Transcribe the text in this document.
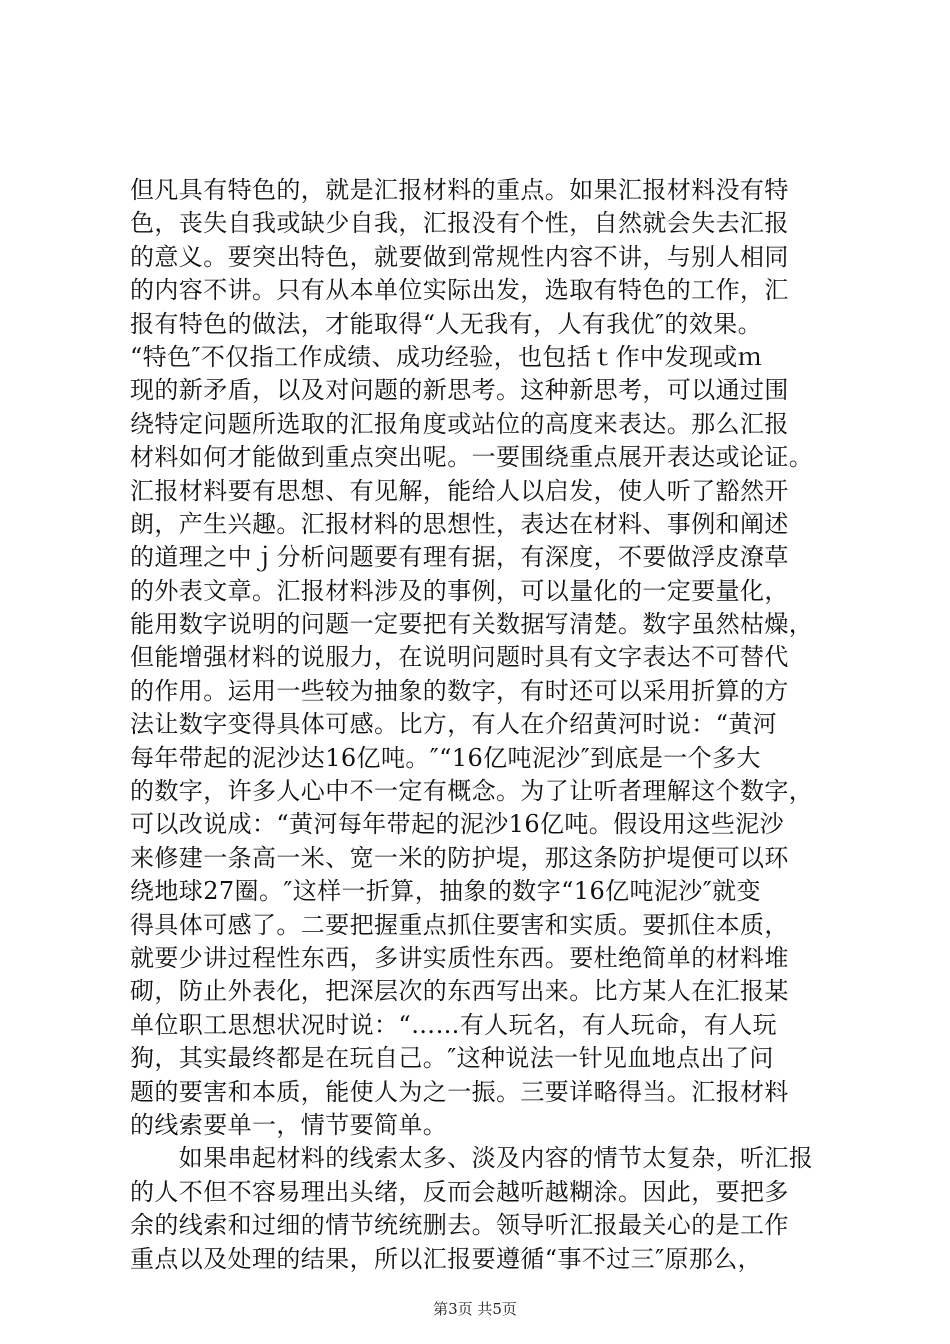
但凡具有特色的，就是汇报材料的重点。如果汇报材料没有特
色，丧失自我或缺少自我，汇报没有个性，自然就会失去汇报
的意义。要突出特色，就要做到常规性内容不讲，与别人相同
的内容不讲。只有从本单位实际出发，选取有特色的工作，汇
报有特色的做法，才能取得“人无我有，人有我优″的效果。
“特色″不仅指工作成绩、成功经验，也包括ｔ作中发现或ｍ
现的新矛盾，以及对问题的新思考。这种新思考，可以通过围
绕特定问题所选取的汇报角度或站位的高度来表达。那么汇报
材料如何才能做到重点突出呢。一要围绕重点展开表达或论证。
汇报材料要有思想、有见解，能给人以启发，使人听了豁然开
朗，产生兴趣。汇报材料的思想性，表达在材料、事例和阐述
的道理之中ｊ分析问题要有理有据，有深度，不要做浮皮潦草
的外表文章。汇报材料涉及的事例，可以量化的一定要量化，
能用数字说明的问题一定要把有关数据写清楚。数字虽然枯燥，
但能增强材料的说服力，在说明问题时具有文字表达不可替代
的作用。运用一些较为抽象的数字，有时还可以采用折算的方
法让数字变得具体可感。比方，有人在介绍黄河时说：“黄河
每年带起的泥沙达16亿吨。″“16亿吨泥沙″到底是一个多大
的数字，许多人心中不一定有概念。为了让听者理解这个数字，
可以改说成：“黄河每年带起的泥沙16亿吨。假设用这些泥沙
来修建一条高一米、宽一米的防护堤，那这条防护堤便可以环
绕地球27圈。″这样一折算，抽象的数字“16亿吨泥沙″就变
得具体可感了。二要把握重点抓住要害和实质。要抓住本质，
就要少讲过程性东西，多讲实质性东西。要杜绝简单的材料堆
砌，防止外表化，把深层次的东西写出来。比方某人在汇报某
单位职工思想状况时说：“……有人玩名，有人玩命，有人玩
狗，其实最终都是在玩自己。″这种说法一针见血地点出了问
题的要害和本质，能使人为之一振。三要详略得当。汇报材料
的线索要单一，情节要简单。
　　如果串起材料的线索太多、淡及内容的情节太复杂，听汇报
的人不但不容易理出头绪，反而会越听越糊涂。因此，要把多
余的线索和过细的情节统统删去。领导听汇报最关心的是工作
重点以及处理的结果，所以汇报要遵循“事不过三″原那么，
第3页 共5页
